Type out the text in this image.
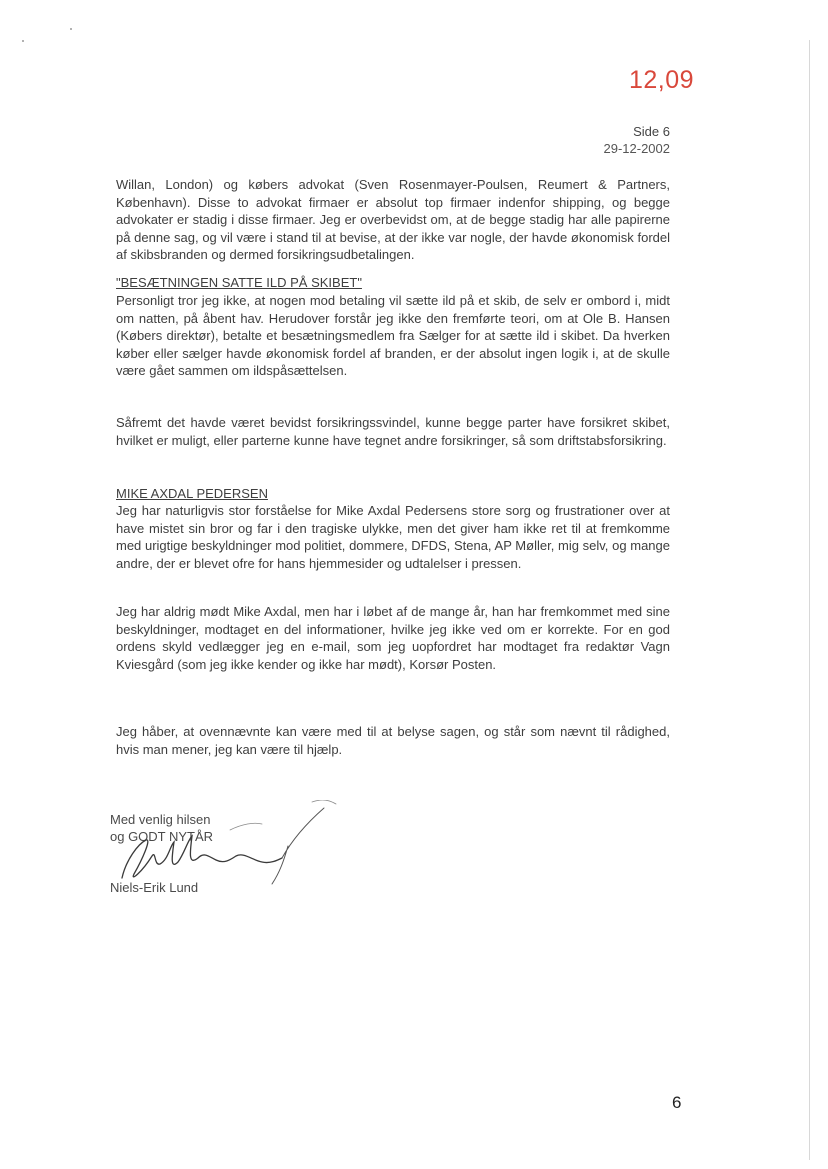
12,09
Side 6
29-12-2002

Willan, London) og købers advokat (Sven Rosenmayer-Poulsen, Reumert & Partners, København). Disse to advokat firmaer er absolut top firmaer indenfor shipping, og begge advokater er stadig i disse firmaer. Jeg er overbevidst om, at de begge stadig har alle papirerne på denne sag, og vil være i stand til at bevise, at der ikke var nogle, der havde økonomisk fordel af skibsbranden og dermed forsikringsudbetalingen.

"BESÆTNINGEN SATTE ILD PÅ SKIBET"

Personligt tror jeg ikke, at nogen mod betaling vil sætte ild på et skib, de selv er ombord i, midt om natten, på åbent hav. Herudover forstår jeg ikke den fremførte teori, om at Ole B. Hansen (Købers direktør), betalte et besætningsmedlem fra Sælger for at sætte ild i skibet. Da hverken køber eller sælger havde økonomisk fordel af branden, er der absolut ingen logik i, at de skulle være gået sammen om ildspåsættelsen.

Såfremt det havde været bevidst forsikringssvindel, kunne begge parter have forsikret skibet, hvilket er muligt, eller parterne kunne have tegnet andre forsikringer, så som driftstabsforsikring.

MIKE AXDAL PEDERSEN

Jeg har naturligvis stor forståelse for Mike Axdal Pedersens store sorg og frustrationer over at have mistet sin bror og far i den tragiske ulykke, men det giver ham ikke ret til at fremkomme med urigtige beskyldninger mod politiet, dommere, DFDS, Stena, AP Møller, mig selv, og mange andre, der er blevet ofre for hans hjemmesider og udtalelser i pressen.

Jeg har aldrig mødt Mike Axdal, men har i løbet af de mange år, han har fremkommet med sine beskyldninger, modtaget en del informationer, hvilke jeg ikke ved om er korrekte. For en god ordens skyld vedlægger jeg en e-mail, som jeg uopfordret har modtaget fra redaktør Vagn Kviesgård (som jeg ikke kender og ikke har mødt), Korsør Posten.

Jeg håber, at ovennævnte kan være med til at belyse sagen, og står som nævnt til rådighed, hvis man mener, jeg kan være til hjælp.

Med venlig hilsen

og GODT NYTÅR

Niels-Erik Lund

6
